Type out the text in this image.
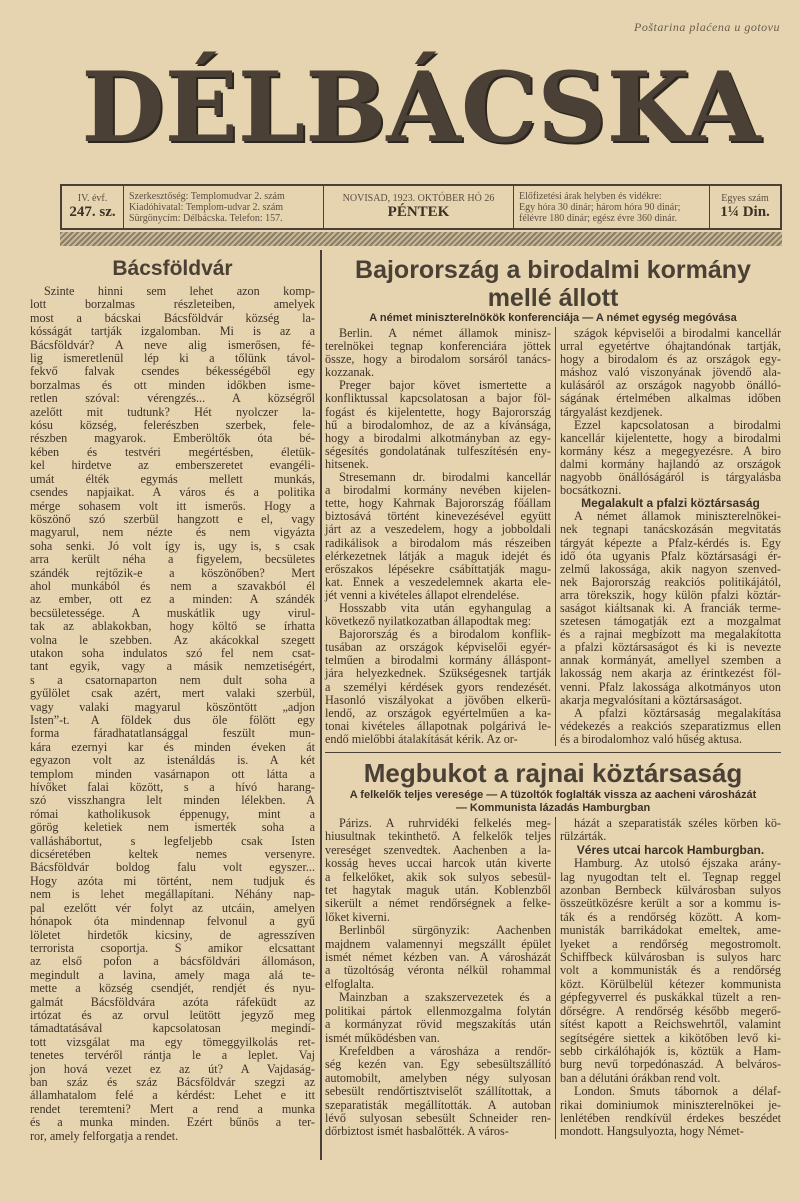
Poštarina plaćena u gotovu
DÉLBÁCSKA
IV. évf.
247. sz.
Szerkesztőség: Templomudvar 2. szám
Kiadóhivatal: Templom-udvar 2. szám
Sürgönycím: Délbácska. Telefon: 157.
NOVISAD, 1923. OKTÓBER HÓ 26
PÉNTEK
Előfizetési árak helyben és vidékre:
Egy hóra 30 dinár; három hóra 90 dinár;
félévre 180 dinár; egész évre 360 dinár.
Egyes szám
1¼ Din.
Bácsföldvár
Szinte hinni sem lehet azon komp-
lott borzalmas részleteiben, amelyek
most a bácskai Bácsföldvár község la-
kósságát tartják izgalomban. Mi is az a
Bácsföldvár? A neve alig ismerősen, fé-
lig ismeretlenül lép ki a tőlünk távol-
fekvő falvak csendes békességéből egy
borzalmas és ott minden időkben isme-
retlen szóval: vérengzés... A községről
azelőtt mit tudtunk? Hét nyolczer la-
kósu község, felerészben szerbek, fele-
részben magyarok. Emberöltők óta bé-
kében és testvéri megértésben, életük-
kel hirdetve az emberszeretet evangéli-
umát élték egymás mellett munkás,
csendes napjaikat. A város és a politika
mérge sohasem volt itt ismerős. Hogy a
köszönő szó szerbül hangzott e el, vagy
magyarul, nem nézte és nem vigyázta
soha senki. Jó volt így is, ugy is, s csak
arra került néha a figyelem, becsületes
szándék rejtőzik-e a köszönőben? Mert
ahol munkából és nem a szavakból él
az ember, ott ez a minden: A szándék
becsületessége. A muskátlik ugy virul-
tak az ablakokban, hogy költő se írhatta
volna le szebben. Az akácokkal szegett
utakon soha indulatos szó fel nem csat-
tant egyik, vagy a másik nemzetiségért,
s a csatornaparton nem dult soha a
gyűlölet csak azért, mert valaki szerbül,
vagy valaki magyarul köszöntött „adjon
Isten”-t. A földek dus öle fölött egy
forma fáradhatatlansággal feszült mun-
kára ezernyi kar és minden éveken át
egyazon volt az istenáldás is. A két
templom minden vasárnapon ott látta a
hívőket falai között, s a hívó harang-
szó visszhangra lelt minden lélekben. A
római katholikusok éppenugy, mint a
görög keletiek nem ismerték soha a
valláshábortut, s legfeljebb csak Isten
dicséretében keltek nemes versenyre.
Bácsföldvár boldog falu volt egyszer...
Hogy azóta mi történt, nem tudjuk és
nem is lehet megállapítani. Néhány nap-
pal ezelőtt vér folyt az utcáin, amelyen
hónapok óta mindennap felvonul a gyű
löletet hirdetők kicsiny, de agresszíven
terrorista csoportja. S amikor elcsattant
az első pofon a bácsföldvári állomáson,
megindult a lavina, amely maga alá te-
mette a község csendjét, rendjét és nyu-
galmát Bácsföldvára azóta ráfeküdt az
irtózat és az orvul leütött jegyző meg
támadtatásával kapcsolatosan megindí-
tott vizsgálat ma egy tömeggyilkolás ret-
tenetes tervéről rántja le a leplet. Vaj
jon hová vezet ez az út? A Vajdaság-
ban száz és száz Bácsföldvár szegzi az
államhatalom felé a kérdést: Lehet e itt
rendet teremteni? Mert a rend a munka
és a munka minden. Ezért bűnös a ter-
ror, amely felforgatja a rendet.
Bajorország a birodalmi kormány
mellé állott
A német miniszterelnökök konferenciája — A német egység megóvása
Berlin. A német államok minisz-
terelnökei tegnap konferenciára jöttek
össze, hogy a birodalom sorsáról tanács-
kozzanak.
Preger bajor követ ismertette a
konfliktussal kapcsolatosan a bajor föl-
fogást és kijelentette, hogy Bajorország
hű a birodalomhoz, de az a kívánsága,
hogy a birodalmi alkotmányban az egy-
ségesítés gondolatának tulfeszítésén eny-
hitsenek.
Stresemann dr. birodalmi kancellár
a birodalmi kormány nevében kijelen-
tette, hogy Kahrnak Bajorország főállam
biztosává történt kinevezésével együtt
járt az a veszedelem, hogy a jobboldali
radikálisok a birodalom más részeiben
elérkezetnek látják a maguk idejét és
erőszakos lépésekre csábíttatják magu-
kat. Ennek a veszedelemnek akarta ele-
jét venni a kivételes állapot elrendelése.
Hosszabb vita után egyhangulag a
következő nyilatkozatban állapodtak meg:
Bajorország és a birodalom konflik-
tusában az országok képviselői egyér-
telműen a birodalmi kormány álláspont-
jára helyezkednek. Szükségesnek tartják
a személyi kérdések gyors rendezését.
Hasonló viszályokat a jövőben elkerü-
lendő, az országok egyértelműen a ka-
tonai kivételes állapotnak polgárivá le-
endő mielőbbi átalakítását kérik. Az or-
szágok képviselői a birodalmi kancellár
urral egyetértve óhajtandónak tartják,
hogy a birodalom és az országok egy-
máshoz való viszonyának jövendő ala-
kulásáról az országok nagyobb önálló-
ságának értelmében alkalmas időben
tárgyalást kezdjenek.
Ezzel kapcsolatosan a birodalmi
kancellár kijelentette, hogy a birodalmi
kormány kész a megegyezésre. A biro
dalmi kormány hajlandó az országok
nagyobb önállóságáról is tárgyalásba
bocsátkozni.
Megalakult a pfalzi köztársaság
A német államok miniszterelnökei-
nek tegnapi tanácskozásán megvitatás
tárgyát képezte a Pfalz-kérdés is. Egy
idő óta ugyanis Pfalz köztársasági ér-
zelmű lakossága, akik nagyon szenved-
nek Bajorország reakciós politikájától,
arra törekszik, hogy külön pfalzi köztár-
saságot kiáltsanak ki. A franciák terme-
szetesen támogatják ezt a mozgalmat
és a rajnai megbízott ma megalakította
a pfalzi köztársaságot és ki is nevezte
annak kormányát, amellyel szemben a
lakosság nem akarja az érintkezést föl-
venni. Pfalz lakossága alkotmányos uton
akarja megvalósítani a köztársaságot.
A pfalzi köztársaság megalakítása
védekezés a reakciós szeparatizmus ellen
és a birodalomhoz való hűség aktusa.
Megbukot a rajnai köztársaság
A felkelők teljes veresége — A tüzoltók foglalták vissza az aacheni városházát
— Kommunista lázadás Hamburgban
Párizs. A ruhrvidéki felkelés meg-
hiusultnak tekinthető. A felkelők teljes
vereséget szenvedtek. Aachenben a la-
kosság heves uccai harcok után kiverte
a felkelőket, akik sok sulyos sebesül-
tet hagytak maguk után. Koblenzből
sikerült a német rendőrségnek a felke-
lőket kiverni.
Berlinből sürgönyzik: Aachenben
majdnem valamennyi megszállt épület
ismét német kézben van. A városházát
a tüzoltóság véronta nélkül rohammal
elfoglalta.
Mainzban a szakszervezetek és a
politikai pártok ellenmozgalma folytán
a kormányzat rövid megszakítás után
ismét működésben van.
Krefeldben a városháza a rendőr-
ség kezén van. Egy sebesültszállító
automobilt, amelyben négy sulyosan
sebesült rendőrtisztviselőt szállítottak, a
szeparatisták megállították. A autoban
lévő sulyosan sebesült Schneider ren-
dőrbiztost ismét hasbalőtték. A város-
házát a szeparatisták széles körben kö-
rülzárták.
Véres utcai harcok Hamburgban.
Hamburg. Az utolsó éjszaka arány-
lag nyugodtan telt el. Tegnap reggel
azonban Bernbeck külvárosban sulyos
összeütközésre került a sor a kommu is-
ták és a rendőrség között. A kom-
munisták barrikádokat emeltek, ame-
lyeket a rendőrség megostromolt.
Schiffbeck külvárosban is sulyos harc
volt a kommunisták és a rendőrség
közt. Körülbelül kétezer kommunista
gépfegyverrel és puskákkal tüzelt a ren-
dőrségre. A rendőrség később megerő-
sítést kapott a Reichswehrtől, valamint
segítségére siettek a kikötőben levő ki-
sebb cirkálóhajók is, köztük a Ham-
burg nevű torpedónaszád. A belváros-
ban a délutáni órákban rend volt.
London. Smuts tábornok a délaf-
rikai dominiumok miniszterelnökei je-
lenlétében rendkívül érdekes beszédet
mondott. Hangsulyozta, hogy Német-
